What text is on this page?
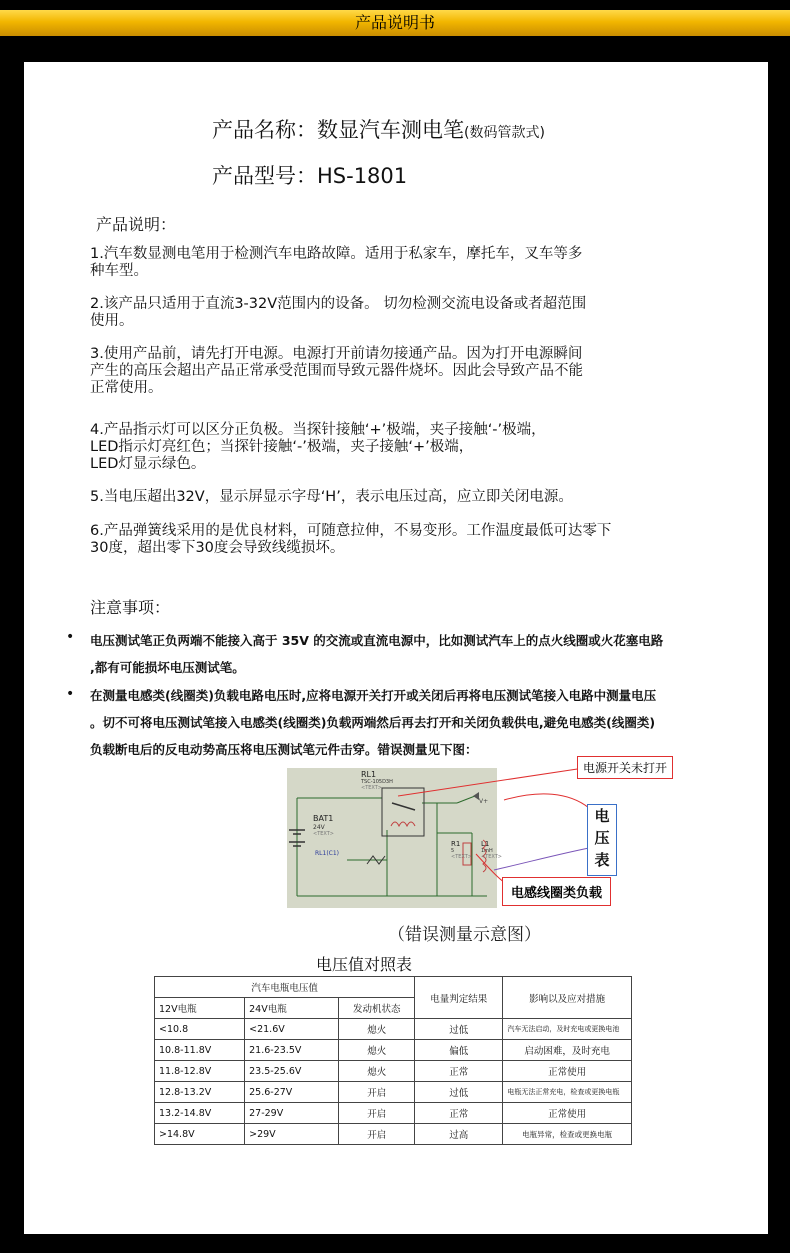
产品说明书
产品名称：数显汽车测电笔(数码管款式)
产品型号：HS-1801
产品说明：
1.汽车数显测电笔用于检测汽车电路故障。适用于私家车，摩托车，叉车等多
种车型。
2.该产品只适用于直流3-32V范围内的设备。 切勿检测交流电设备或者超范围
使用。
3.使用产品前，请先打开电源。电源打开前请勿接通产品。因为打开电源瞬间
产生的高压会超出产品正常承受范围而导致元器件烧坏。因此会导致产品不能
正常使用。
4.产品指示灯可以区分正负极。当探针接触‘+’极端，夹子接触‘-’极端，
LED指示灯亮红色；当探针接触‘-’极端，夹子接触‘+’极端，
LED灯显示绿色。
5.当电压超出32V，显示屏显示字母‘H’，表示电压过高，应立即关闭电源。
6.产品弹簧线采用的是优良材料，可随意拉伸，不易变形。工作温度最低可达零下
30度，超出零下30度会导致线缆损坏。
注意事项：
• 电压测试笔正负两端不能接入高于 35V 的交流或直流电源中，比如测试汽车上的点火线圈或火花塞电路
,都有可能损坏电压测试笔。
• 在测量电感类(线圈类)负载电路电压时,应将电源开关打开或关闭后再将电压测试笔接入电路中测量电压
。切不可将电压测试笔接入电感类(线圈类)负载两端然后再去打开和关闭负载供电,避免电感类(线圈类)
负载断电后的反电动势高压将电压测试笔元件击穿。错误测量见下图：
RL1
TSC-105D3H
<TEXT>
BAT1
24V
<TEXT>
RL1(C1)
V+
R1
5
<TEXT>
L1
1mH
<TEXT>
电源开关未打开
电
压
表
电感线圈类负载
（错误测量示意图）
电压值对照表
汽车电瓶电压值			电量判定结果	影响以及应对措施
12V电瓶	24V电瓶	发动机状态		
<10.8	<21.6V	熄火	过低	汽车无法启动，及时充电或更换电池
10.8-11.8V	21.6-23.5V	熄火	偏低	启动困难，及时充电
11.8-12.8V	23.5-25.6V	熄火	正常	正常使用
12.8-13.2V	25.6-27V	开启	过低	电瓶无法正常充电，检查或更换电瓶
13.2-14.8V	27-29V	开启	正常	正常使用
>14.8V	>29V	开启	过高	电瓶异常，检查或更换电瓶
